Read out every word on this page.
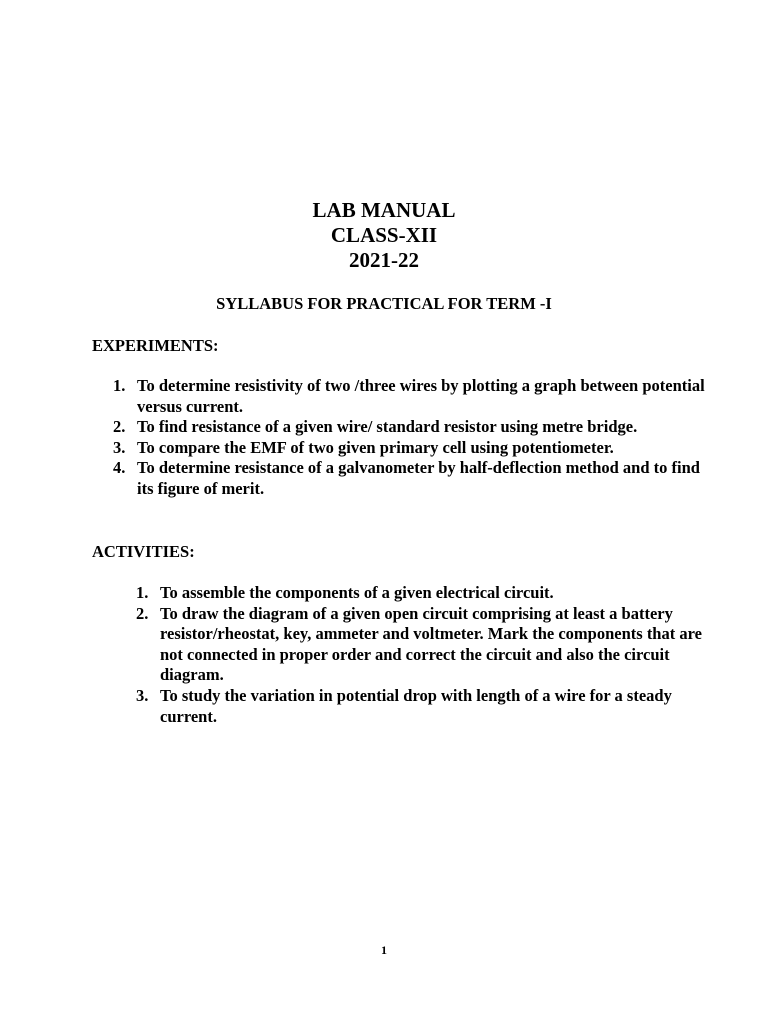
LAB MANUAL
CLASS-XII
2021-22
SYLLABUS FOR PRACTICAL FOR TERM -I
EXPERIMENTS:
1. To determine resistivity of two /three wires by plotting a graph between potential versus current.
2. To find resistance of a given wire/ standard resistor using metre bridge.
3. To compare the EMF of two given primary cell using potentiometer.
4. To determine resistance of a galvanometer by half-deflection method and to find its figure of merit.
ACTIVITIES:
1. To assemble the components of a given electrical circuit.
2. To draw the diagram of a given open circuit comprising at least a battery resistor/rheostat, key, ammeter and voltmeter. Mark the components that are not connected in proper order and correct the circuit and also the circuit diagram.
3. To study the variation in potential drop with length of a wire for a steady current.
1
